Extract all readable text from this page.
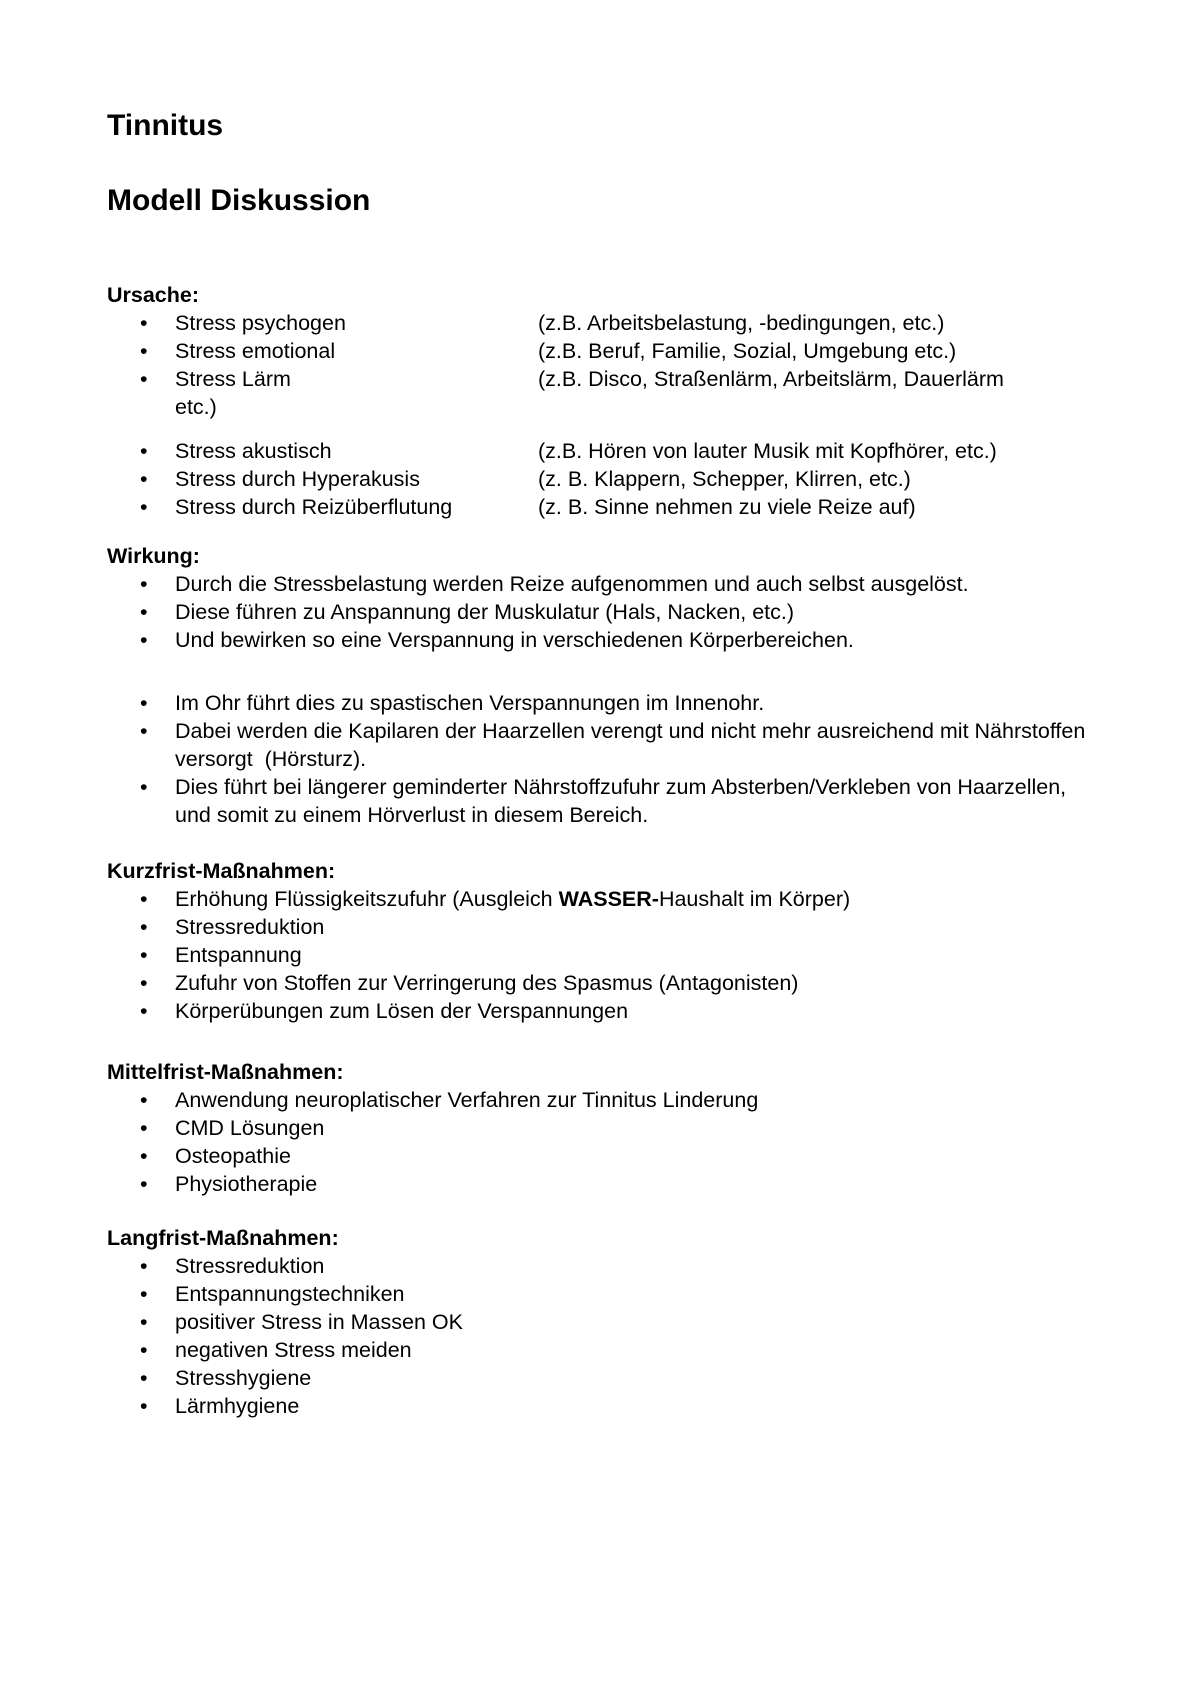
Tinnitus
Modell Diskussion
Ursache:
•	Stress psychogen	(z.B. Arbeitsbelastung, -bedingungen, etc.)
•	Stress emotional	(z.B. Beruf, Familie, Sozial, Umgebung etc.)
•	Stress Lärm	(z.B. Disco, Straßenlärm, Arbeitslärm, Dauerlärm
etc.)
•	Stress akustisch	(z.B. Hören von lauter Musik mit Kopfhörer, etc.)
•	Stress durch Hyperakusis	(z. B. Klappern, Schepper, Klirren, etc.)
•	Stress durch Reizüberflutung	(z. B. Sinne nehmen zu viele Reize auf)
Wirkung:
•	Durch die Stressbelastung werden Reize aufgenommen und auch selbst ausgelöst.
•	Diese führen zu Anspannung der Muskulatur (Hals, Nacken, etc.)
•	Und bewirken so eine Verspannung in verschiedenen Körperbereichen.
•	Im Ohr führt dies zu spastischen Verspannungen im Innenohr.
•	Dabei werden die Kapilaren der Haarzellen verengt und nicht mehr ausreichend mit Nährstoffen versorgt  (Hörsturz).
•	Dies führt bei längerer geminderter Nährstoffzufuhr zum Absterben/Verkleben von Haarzellen, und somit zu einem Hörverlust in diesem Bereich.
Kurzfrist-Maßnahmen:
•	Erhöhung Flüssigkeitszufuhr (Ausgleich WASSER-Haushalt im Körper)
•	Stressreduktion
•	Entspannung
•	Zufuhr von Stoffen zur Verringerung des Spasmus (Antagonisten)
•	Körperübungen zum Lösen der Verspannungen
Mittelfrist-Maßnahmen:
•	Anwendung neuroplatischer Verfahren zur Tinnitus Linderung
•	CMD Lösungen
•	Osteopathie
•	Physiotherapie
Langfrist-Maßnahmen:
•	Stressreduktion
•	Entspannungstechniken
•	positiver Stress in Massen OK
•	negativen Stress meiden
•	Stresshygiene
•	Lärmhygiene
